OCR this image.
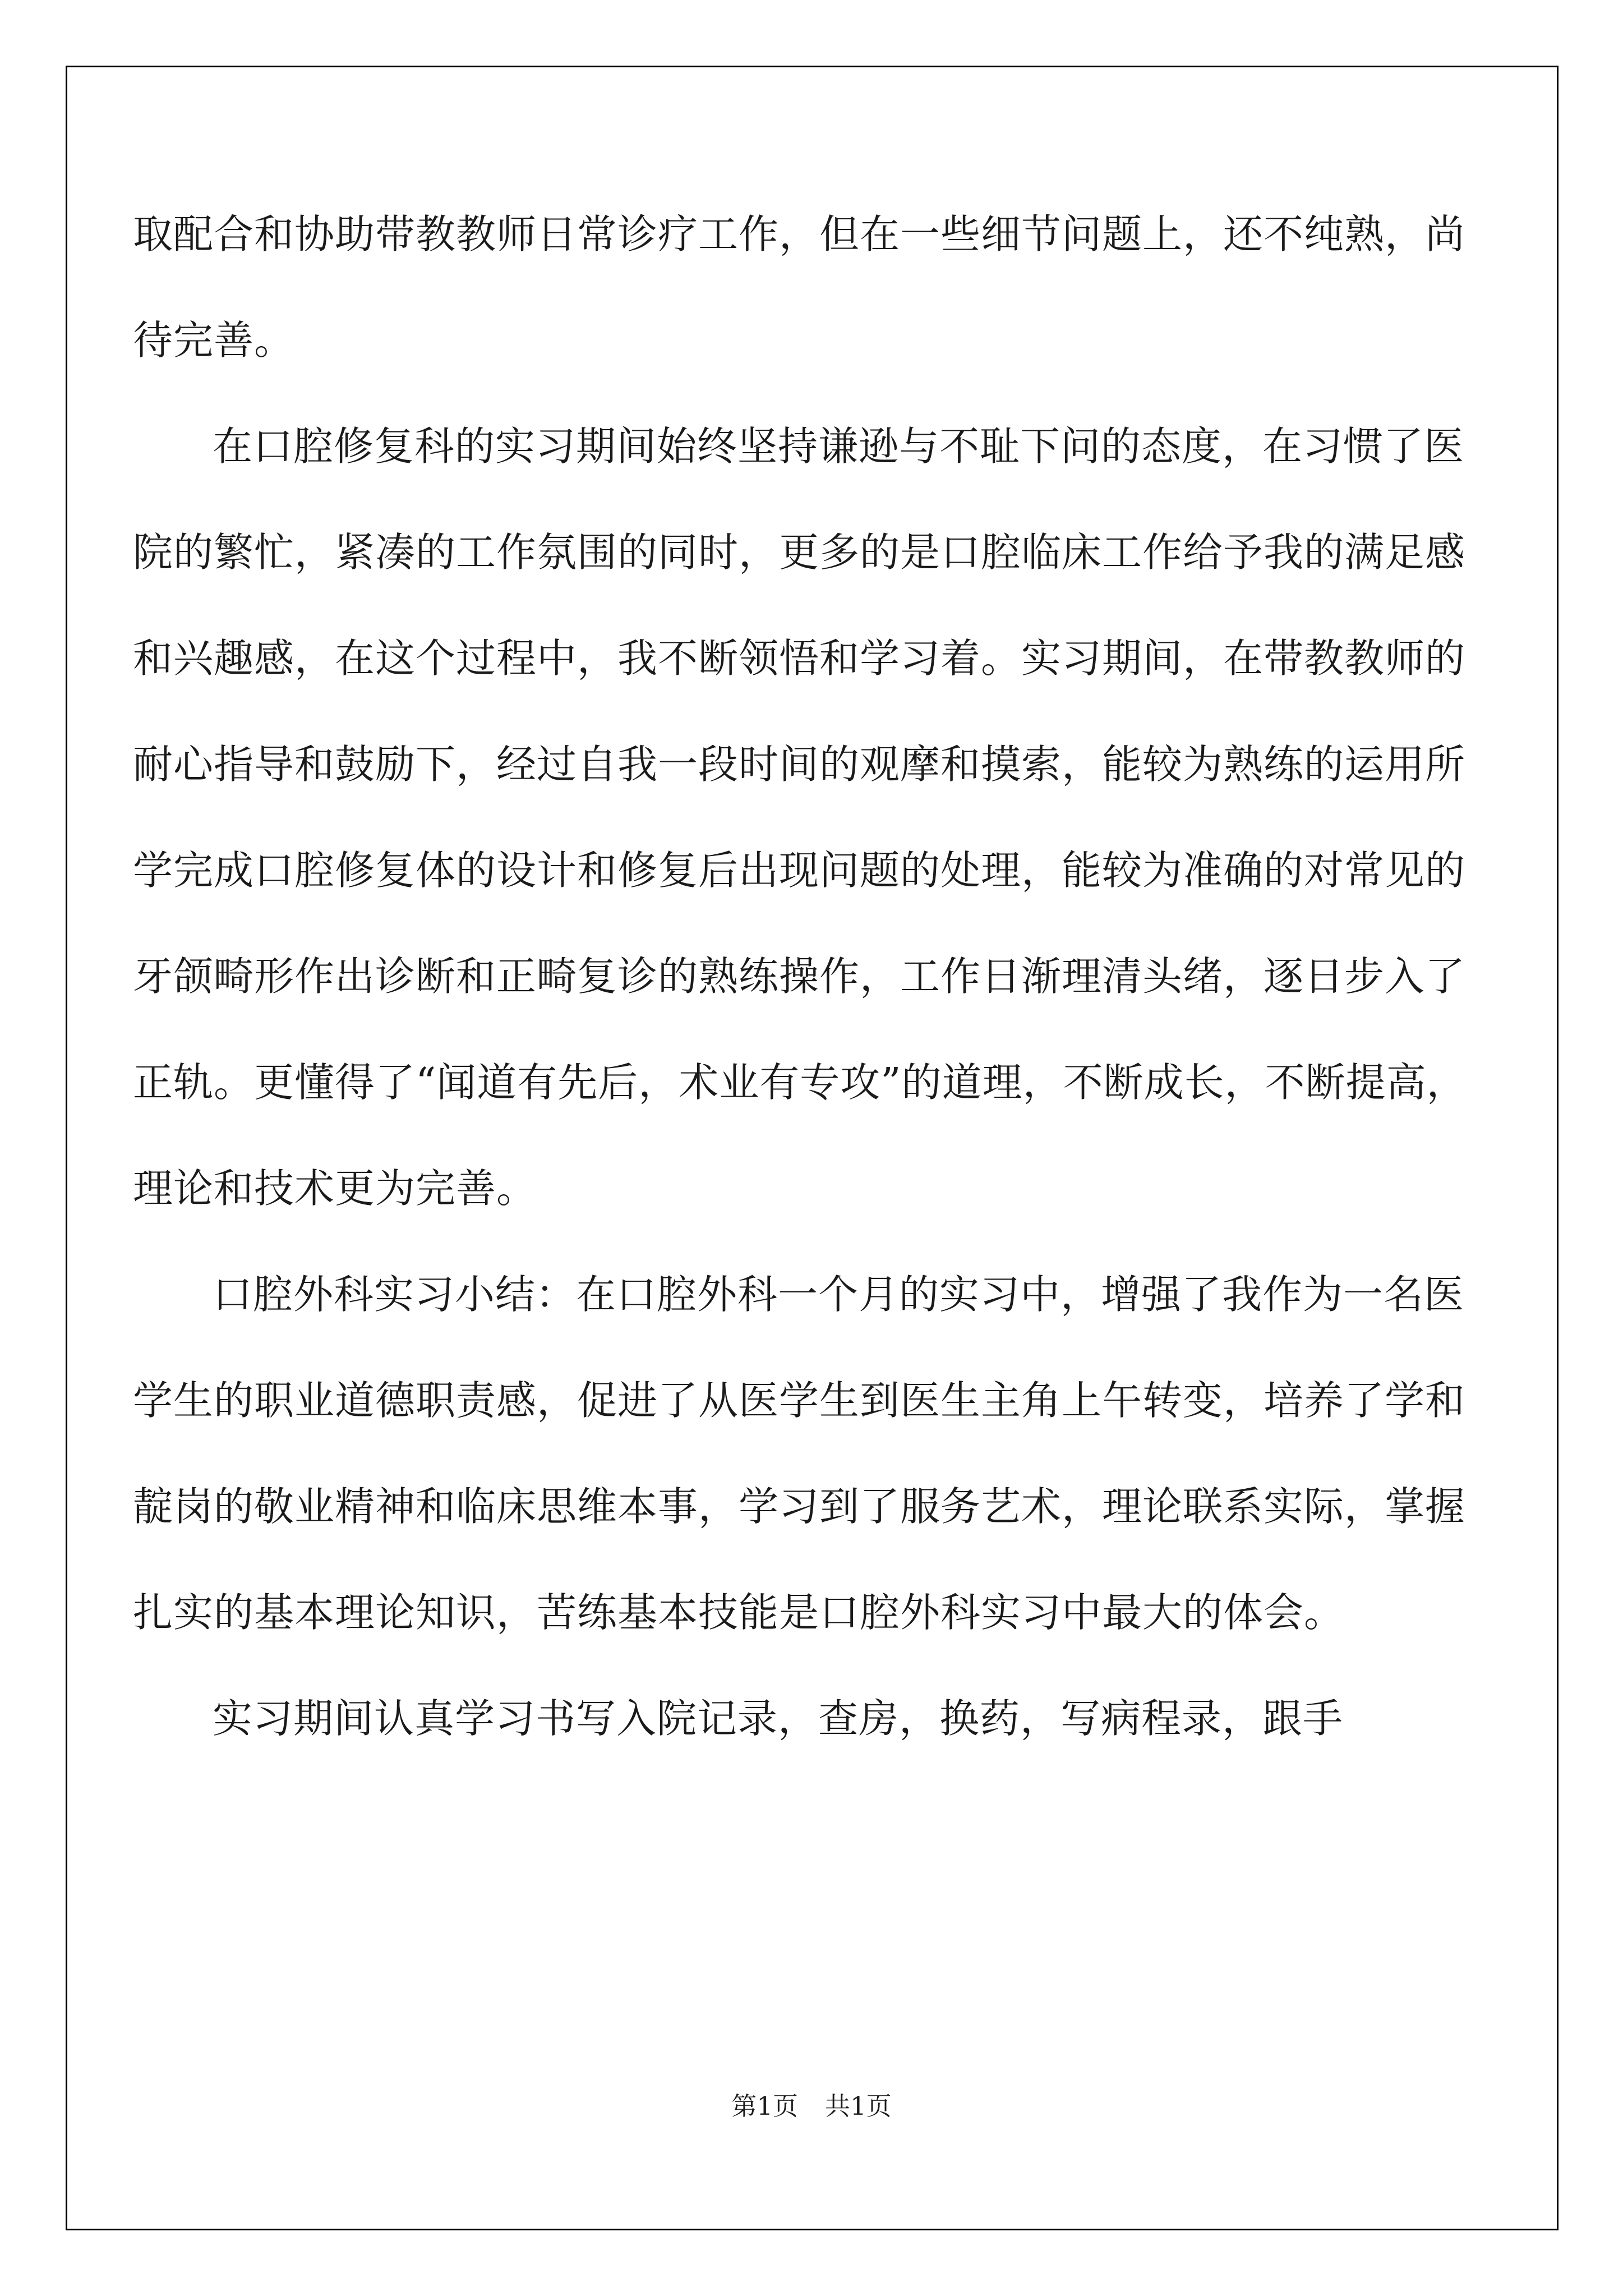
取配合和协助带教教师日常诊疗工作，但在一些细节问题上，还不纯熟，尚待完善。

在口腔修复科的实习期间始终坚持谦逊与不耻下问的态度，在习惯了医院的繁忙，紧凑的工作氛围的同时，更多的是口腔临床工作给予我的满足感和兴趣感，在这个过程中，我不断领悟和学习着。实习期间，在带教教师的耐心指导和鼓励下，经过自我一段时间的观摩和摸索，能较为熟练的运用所学完成口腔修复体的设计和修复后出现问题的处理，能较为准确的对常见的牙颌畸形作出诊断和正畸复诊的熟练操作，工作日渐理清头绪，逐日步入了正轨。更懂得了“闻道有先后，术业有专攻”的道理，不断成长，不断提高，理论和技术更为完善。

口腔外科实习小结：在口腔外科一个月的实习中，增强了我作为一名医学生的职业道德职责感，促进了从医学生到医生主角上午转变，培养了学和靛岗的敬业精神和临床思维本事，学习到了服务艺术，理论联系实际，掌握扎实的基本理论知识，苦练基本技能是口腔外科实习中最大的体会。

实习期间认真学习书写入院记录，查房，换药，写病程录，跟手

第1页 共1页
